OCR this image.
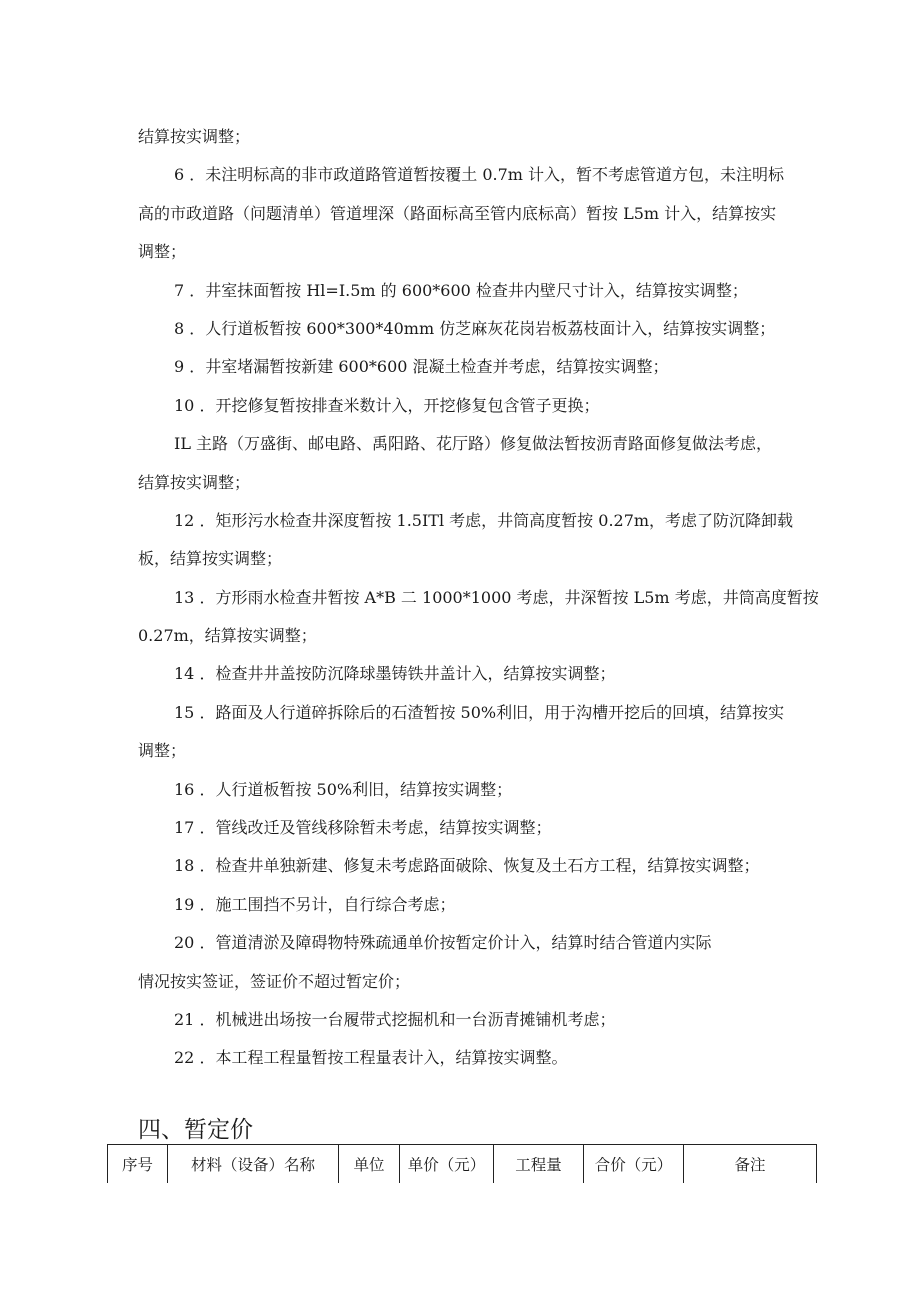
结算按实调整；
6 ．未注明标高的非市政道路管道暂按覆土 0.7m 计入，暂不考虑管道方包，未注明标
高的市政道路（问题清单）管道埋深（路面标高至管内底标高）暂按 L5m 计入，结算按实
调整；
7 ．井室抹面暂按 Hl=I.5m 的 600*600 检查井内壁尺寸计入，结算按实调整；
8 ．人行道板暂按 600*300*40mm 仿芝麻灰花岗岩板荔枝面计入，结算按实调整；
9 ．井室堵漏暂按新建 600*600 混凝土检查并考虑，结算按实调整；
10 ．开挖修复暂按排查米数计入，开挖修复包含管子更换；
IL 主路（万盛街、邮电路、禹阳路、花厅路）修复做法暂按沥青路面修复做法考虑，
结算按实调整；
12 ．矩形污水检查井深度暂按 1.5ITl 考虑，井筒高度暂按 0.27m，考虑了防沉降卸载
板，结算按实调整；
13 ．方形雨水检查井暂按 A*B 二 1000*1000 考虑，井深暂按 L5m 考虑，井筒高度暂按
0.27m，结算按实调整；
14 ．检查井井盖按防沉降球墨铸铁井盖计入，结算按实调整；
15 ．路面及人行道碎拆除后的石渣暂按 50%利旧，用于沟槽开挖后的回填，结算按实
调整；
16 ．人行道板暂按 50%利旧，结算按实调整；
17 ．管线改迁及管线移除暂未考虑，结算按实调整；
18 ．检查井单独新建、修复未考虑路面破除、恢复及土石方工程，结算按实调整；
19 ．施工围挡不另计，自行综合考虑；
20 ．管道清淤及障碍物特殊疏通单价按暂定价计入，结算时结合管道内实际
情况按实签证，签证价不超过暂定价；
21 ．机械进出场按一台履带式挖掘机和一台沥青摊铺机考虑；
22 ．本工程工程量暂按工程量表计入，结算按实调整。
四、暂定价
序号	材料（设备）名称	单位	单价（元）	工程量	合价（元）	备注
